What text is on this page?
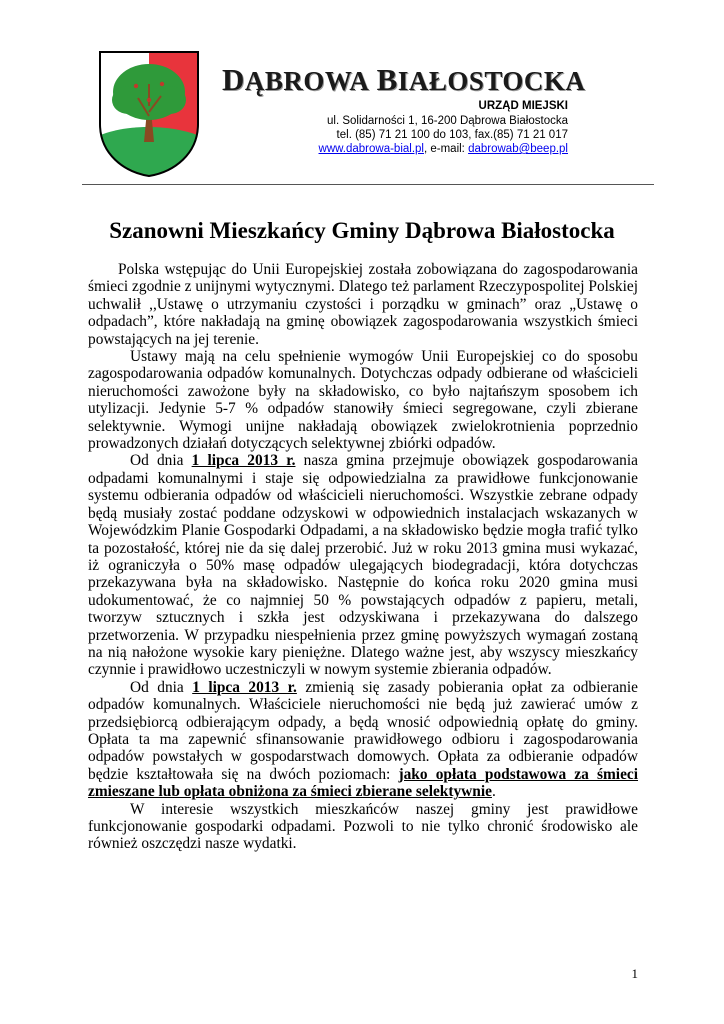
DĄBROWA BIAŁOSTOCKA
URZĄD MIEJSKI
ul. Solidarności 1, 16-200 Dąbrowa Białostocka
tel. (85) 71 21 100 do 103, fax.(85) 71 21 017
www.dabrowa-bial.pl, e-mail: dabrowab@beep.pl
Szanowni Mieszkańcy Gminy Dąbrowa Białostocka

Polska wstępując do Unii Europejskiej została zobowiązana do zagospodarowania śmieci zgodnie z unijnymi wytycznymi. Dlatego też parlament Rzeczypospolitej Polskiej uchwalił ,,Ustawę o utrzymaniu czystości i porządku w gminach” oraz „Ustawę o odpadach”, które nakładają na gminę obowiązek zagospodarowania wszystkich śmieci powstających na jej terenie.

Ustawy mają na celu spełnienie wymogów Unii Europejskiej co do sposobu zagospodarowania odpadów komunalnych. Dotychczas odpady odbierane od właścicieli nieruchomości zawożone były na składowisko, co było najtańszym sposobem ich utylizacji. Jedynie 5-7 % odpadów stanowiły śmieci segregowane, czyli zbierane selektywnie. Wymogi unijne nakładają obowiązek zwielokrotnienia poprzednio prowadzonych działań dotyczących selektywnej zbiórki odpadów.

Od dnia 1 lipca 2013 r. nasza gmina przejmuje obowiązek gospodarowania odpadami komunalnymi i staje się odpowiedzialna za prawidłowe funkcjonowanie systemu odbierania odpadów od właścicieli nieruchomości. Wszystkie zebrane odpady będą musiały zostać poddane odzyskowi w odpowiednich instalacjach wskazanych w Wojewódzkim Planie Gospodarki Odpadami, a na składowisko będzie mogła trafić tylko ta pozostałość, której nie da się dalej przerobić. Już w roku 2013 gmina musi wykazać, iż ograniczyła o 50% masę odpadów ulegających biodegradacji, która dotychczas przekazywana była na składowisko. Następnie do końca roku 2020 gmina musi udokumentować, że co najmniej 50 % powstających odpadów z papieru, metali, tworzyw sztucznych i szkła jest odzyskiwana i przekazywana do dalszego przetworzenia. W przypadku niespełnienia przez gminę powyższych wymagań zostaną na nią nałożone wysokie kary pieniężne. Dlatego ważne jest, aby wszyscy mieszkańcy czynnie i prawidłowo uczestniczyli w nowym systemie zbierania odpadów.

Od dnia 1 lipca 2013 r. zmienią się zasady pobierania opłat za odbieranie odpadów komunalnych. Właściciele nieruchomości nie będą już zawierać umów z przedsiębiorcą odbierającym odpady, a będą wnosić odpowiednią opłatę do gminy. Opłata ta ma zapewnić sfinansowanie prawidłowego odbioru i zagospodarowania odpadów powstałych w gospodarstwach domowych. Opłata za odbieranie odpadów będzie kształtowała się na dwóch poziomach: jako opłata podstawowa za śmieci zmieszane lub opłata obniżona za śmieci zbierane selektywnie.

W interesie wszystkich mieszkańców naszej gminy jest prawidłowe funkcjonowanie gospodarki odpadami. Pozwoli to nie tylko chronić środowisko ale również oszczędzi nasze wydatki.

1
